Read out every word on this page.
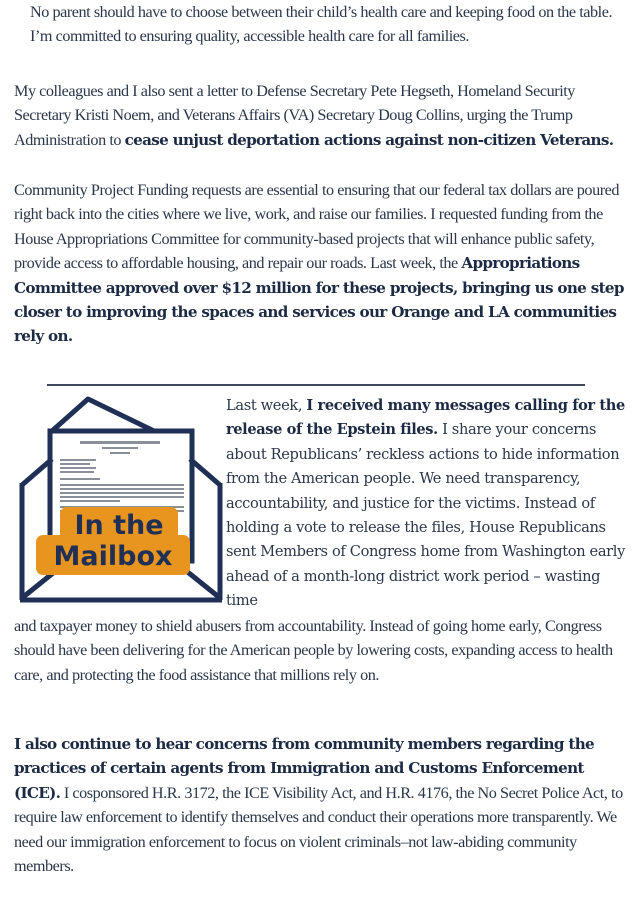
No parent should have to choose between their child’s health care and keeping food on the table. I’m committed to ensuring quality, accessible health care for all families.
My colleagues and I also sent a letter to Defense Secretary Pete Hegseth, Homeland Security Secretary Kristi Noem, and Veterans Affairs (VA) Secretary Doug Collins, urging the Trump Administration to cease unjust deportation actions against non-citizen Veterans.
Community Project Funding requests are essential to ensuring that our federal tax dollars are poured right back into the cities where we live, work, and raise our families. I requested funding from the House Appropriations Committee for community-based projects that will enhance public safety, provide access to affordable housing, and repair our roads. Last week, the Appropriations Committee approved over $12 million for these projects, bringing us one step closer to improving the spaces and services our Orange and LA communities rely on.
In the
Mailbox
Last week, I received many messages calling for the release of the Epstein files. I share your concerns about Republicans’ reckless actions to hide information from the American people. We need transparency, accountability, and justice for the victims. Instead of holding a vote to release the files, House Republicans sent Members of Congress home from Washington early ahead of a month-long district work period – wasting time
and taxpayer money to shield abusers from accountability. Instead of going home early, Congress should have been delivering for the American people by lowering costs, expanding access to health care, and protecting the food assistance that millions rely on.
I also continue to hear concerns from community members regarding the practices of certain agents from Immigration and Customs Enforcement (ICE). I cosponsored H.R. 3172, the ICE Visibility Act, and H.R. 4176, the No Secret Police Act, to require law enforcement to identify themselves and conduct their operations more transparently. We need our immigration enforcement to focus on violent criminals–not law-abiding community members.
